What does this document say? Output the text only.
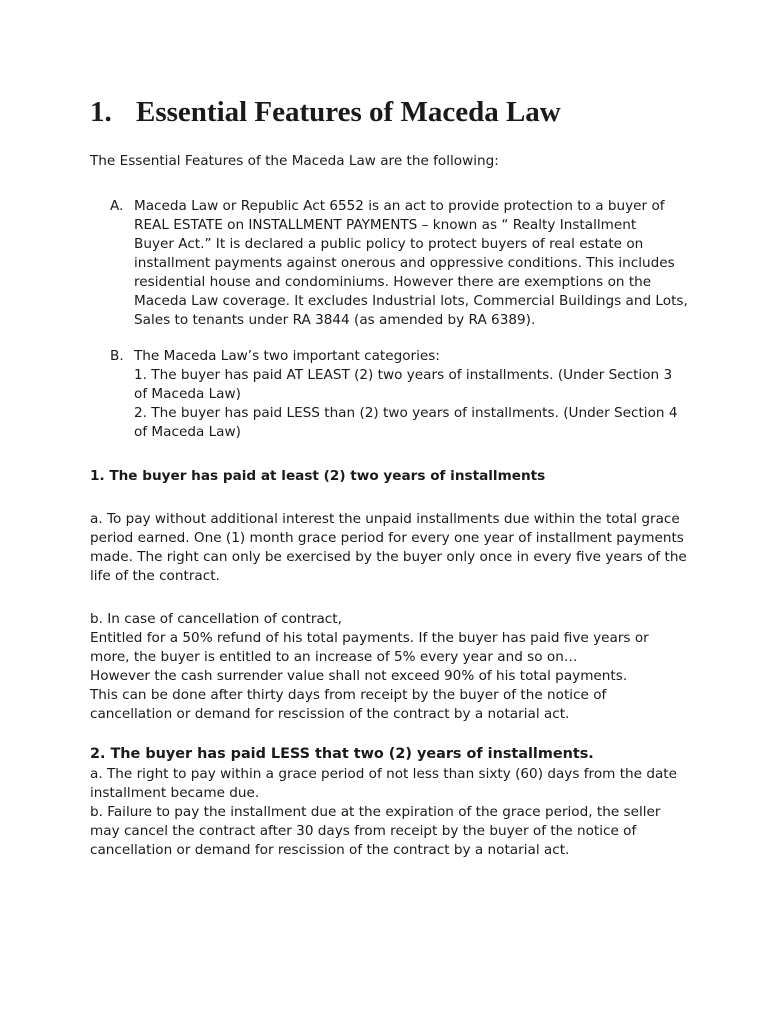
1. Essential Features of Maceda Law

The Essential Features of the Maceda Law are the following:

A. Maceda Law or Republic Act 6552 is an act to provide protection to a buyer of
REAL ESTATE on INSTALLMENT PAYMENTS – known as “ Realty Installment
Buyer Act.” It is declared a public policy to protect buyers of real estate on
installment payments against onerous and oppressive conditions. This includes
residential house and condominiums. However there are exemptions on the
Maceda Law coverage. It excludes Industrial lots, Commercial Buildings and Lots,
Sales to tenants under RA 3844 (as amended by RA 6389).
B. The Maceda Law’s two important categories:
1. The buyer has paid AT LEAST (2) two years of installments. (Under Section 3
of Maceda Law)
2. The buyer has paid LESS than (2) two years of installments. (Under Section 4
of Maceda Law)
1. The buyer has paid at least (2) two years of installments
a. To pay without additional interest the unpaid installments due within the total grace
period earned. One (1) month grace period for every one year of installment payments
made. The right can only be exercised by the buyer only once in every five years of the
life of the contract.
b. In case of cancellation of contract,
Entitled for a 50% refund of his total payments. If the buyer has paid five years or
more, the buyer is entitled to an increase of 5% every year and so on…
However the cash surrender value shall not exceed 90% of his total payments.
This can be done after thirty days from receipt by the buyer of the notice of
cancellation or demand for rescission of the contract by a notarial act.
2. The buyer has paid LESS that two (2) years of installments.
a. The right to pay within a grace period of not less than sixty (60) days from the date
installment became due.
b. Failure to pay the installment due at the expiration of the grace period, the seller
may cancel the contract after 30 days from receipt by the buyer of the notice of
cancellation or demand for rescission of the contract by a notarial act.
